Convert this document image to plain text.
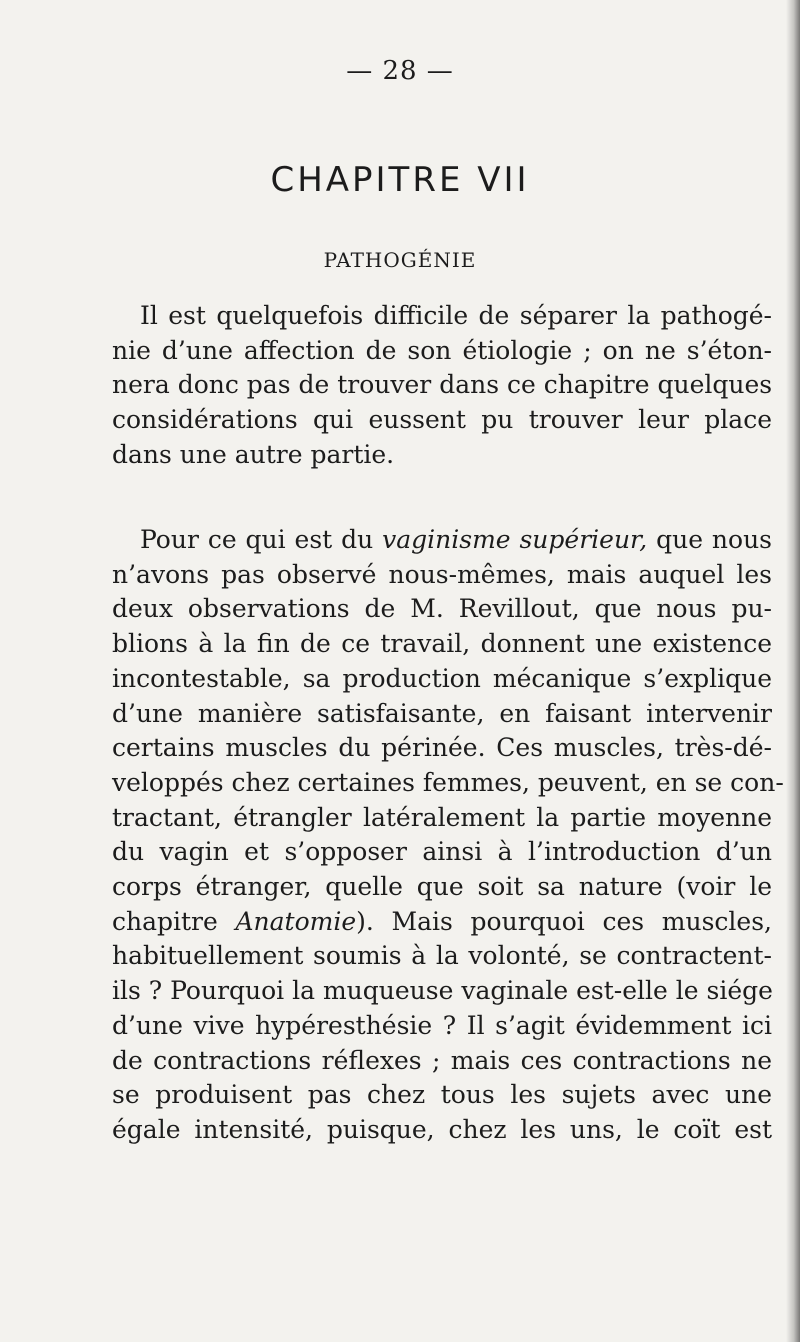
— 28 —
CHAPITRE VII
PATHOGÉNIE
Il est quelquefois difficile de séparer la pathogé-
nie d’une affection de son étiologie ; on ne s’éton-
nera donc pas de trouver dans ce chapitre quelques
considérations qui eussent pu trouver leur place
dans une autre partie.
Pour ce qui est du vaginisme supérieur, que nous
n’avons pas observé nous-mêmes, mais auquel les
deux observations de M. Revillout, que nous pu-
blions à la fin de ce travail, donnent une existence
incontestable, sa production mécanique s’explique
d’une manière satisfaisante, en faisant intervenir
certains muscles du périnée. Ces muscles, très-dé-
veloppés chez certaines femmes, peuvent, en se con-
tractant, étrangler latéralement la partie moyenne
du vagin et s’opposer ainsi à l’introduction d’un
corps étranger, quelle que soit sa nature (voir le
chapitre Anatomie). Mais pourquoi ces muscles,
habituellement soumis à la volonté, se contractent-
ils ? Pourquoi la muqueuse vaginale est-elle le siége
d’une vive hypéresthésie ? Il s’agit évidemment ici
de contractions réflexes ; mais ces contractions ne
se produisent pas chez tous les sujets avec une
égale intensité, puisque, chez les uns, le coït est
